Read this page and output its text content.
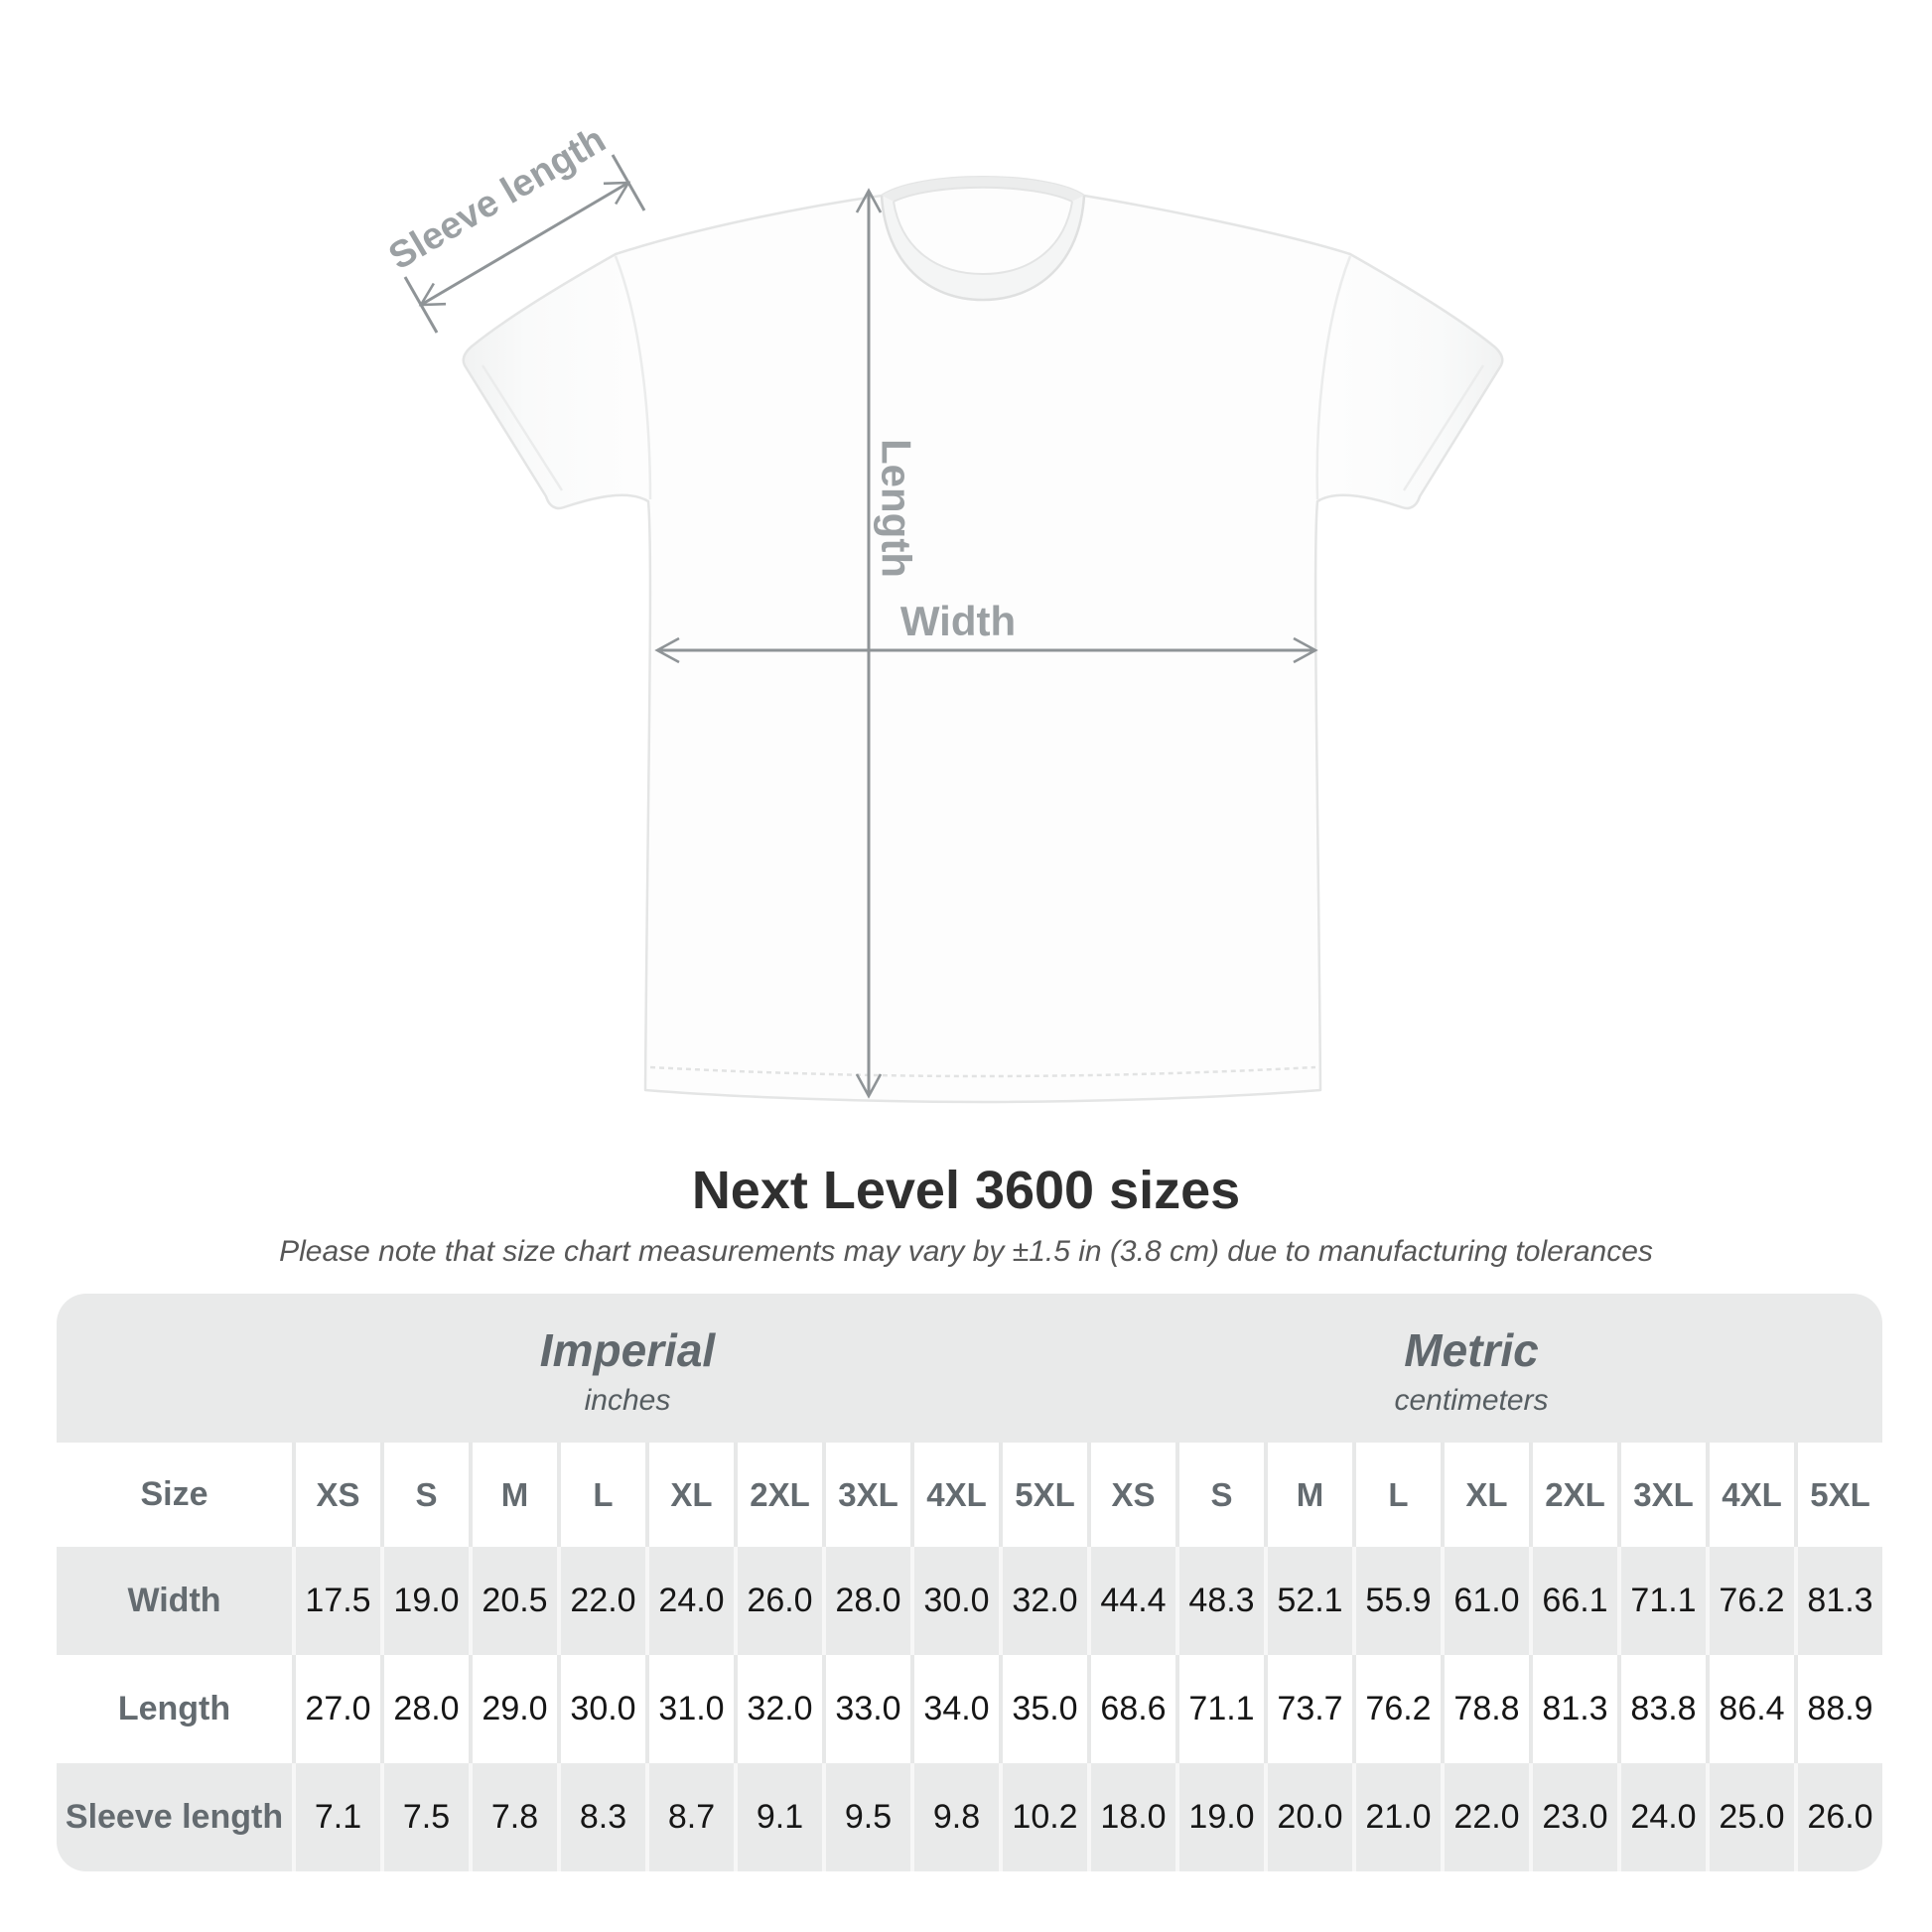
Sleeve length
Length
Width
Next Level 3600 sizes

Please note that size chart measurements may vary by ±1.5 in (3.8 cm) due to manufacturing tolerances

Imperial
inches
Metric
centimeters
Size	XS	S	M	L	XL	2XL 3XL 4XL 5XL	XS	S	M	L	XL	2XL 3XL 4XL 5XL
Width	17.5 19.0 20.5 22.0 24.0 26.0 28.0 30.0 32.0 44.4 48.3 52.1 55.9 61.0 66.1 71.1 76.2 81.3
Length	27.0 28.0 29.0 30.0 31.0 32.0 33.0 34.0 35.0 68.6 71.1 73.7 76.2 78.8 81.3 83.8 86.4 88.9
Sleeve length 7.1	7.5	7.8	8.3	8.7	9.1	9.5	9.8 10.2 18.0 19.0 20.0 21.0 22.0 23.0 24.0 25.0 26.0
